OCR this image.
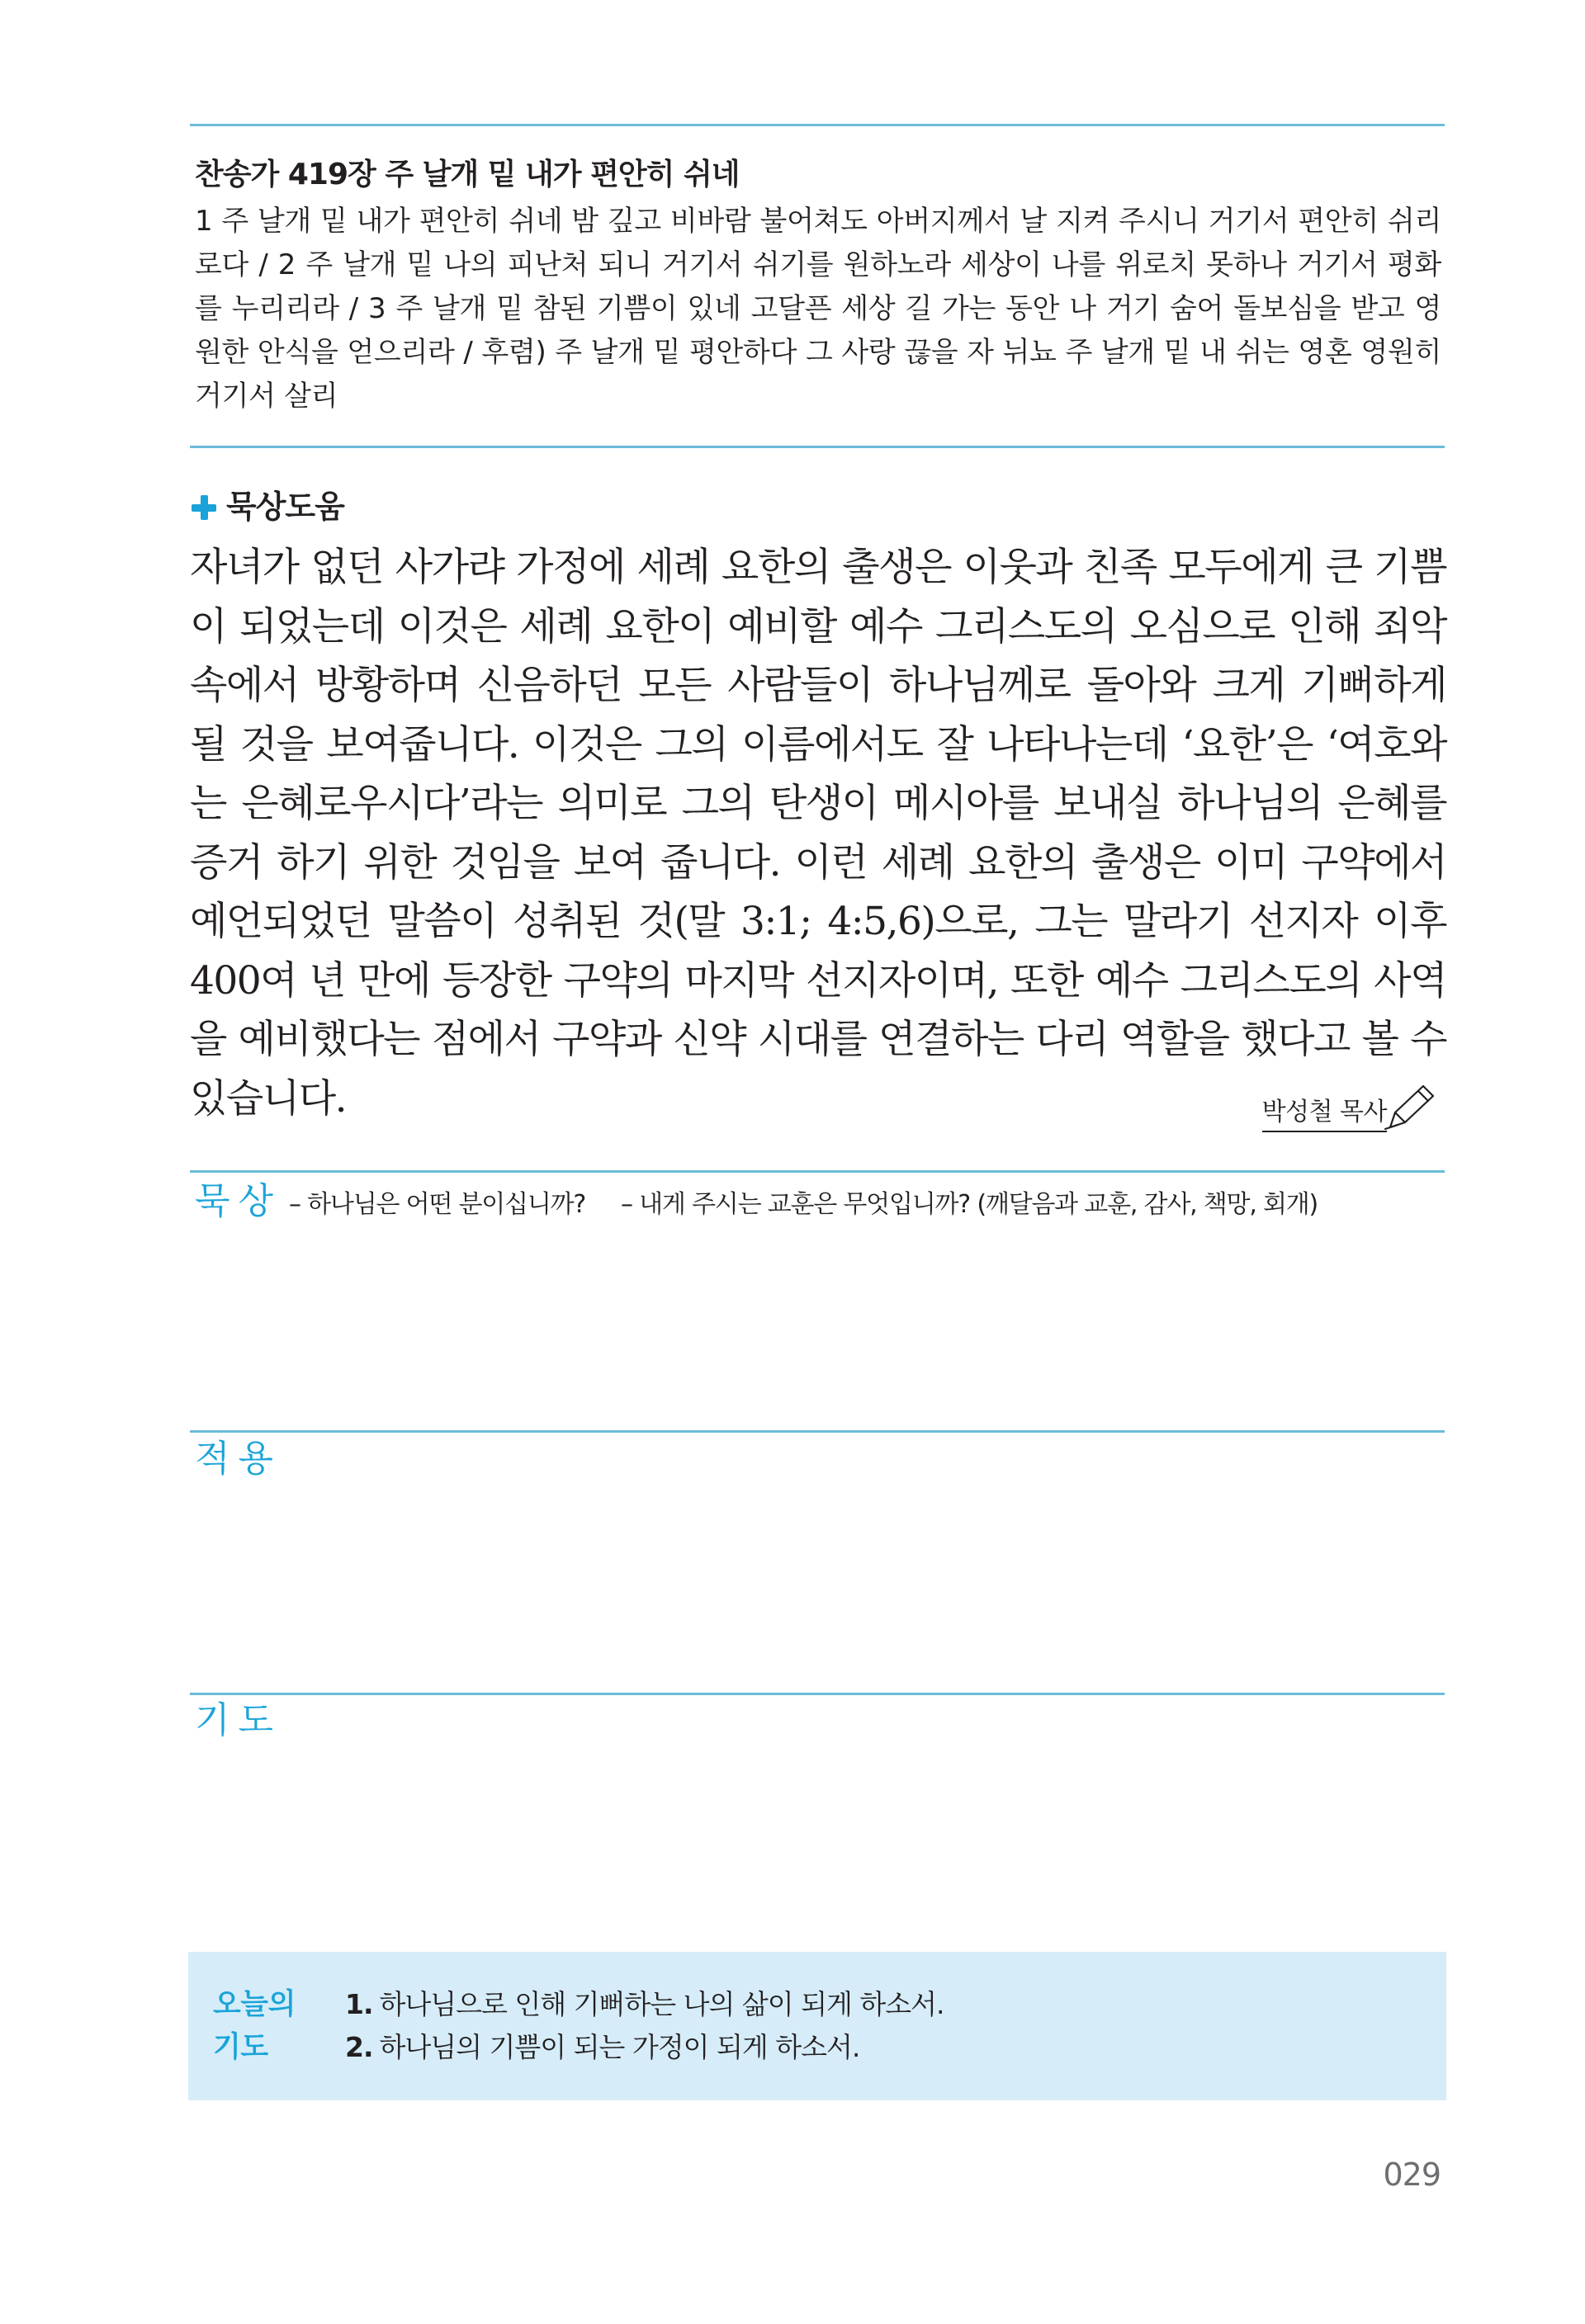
찬송가 419장 주 날개 밑 내가 편안히 쉬네

1 주 날개 밑 내가 편안히 쉬네 밤 깊고 비바람 불어쳐도 아버지께서 날 지켜 주시니 거기서 편안히 쉬리로다 / 2 주 날개 밑 나의 피난처 되니 거기서 쉬기를 원하노라 세상이 나를 위로치 못하나 거기서 평화를 누리리라 / 3 주 날개 밑 참된 기쁨이 있네 고달픈 세상 길 가는 동안 나 거기 숨어 돌보심을 받고 영원한 안식을 얻으리라 / 후렴) 주 날개 밑 평안하다 그 사랑 끊을 자 뉘뇨 주 날개 밑 내 쉬는 영혼 영원히 거기서 살리

묵상도움

자녀가 없던 사가랴 가정에 세례 요한의 출생은 이웃과 친족 모두에게 큰 기쁨이 되었는데 이것은 세례 요한이 예비할 예수 그리스도의 오심으로 인해 죄악 속에서 방황하며 신음하던 모든 사람들이 하나님께로 돌아와 크게 기뻐하게 될 것을 보여줍니다. 이것은 그의 이름에서도 잘 나타나는데 ‘요한’은 ‘여호와는 은혜로우시다’라는 의미로 그의 탄생이 메시아를 보내실 하나님의 은혜를 증거 하기 위한 것임을 보여 줍니다. 이런 세례 요한의 출생은 이미 구약에서 예언되었던 말씀이 성취된 것(말 3:1; 4:5,6)으로, 그는 말라기 선지자 이후 400여 년 만에 등장한 구약의 마지막 선지자이며, 또한 예수 그리스도의 사역을 예비했다는 점에서 구약과 신약 시대를 연결하는 다리 역할을 했다고 볼 수 있습니다.	박성철 목사
묵상 – 하나님은 어떤 분이십니까? – 내게 주시는 교훈은 무엇입니까? (깨달음과 교훈, 감사, 책망, 회개)
적용
기도
오늘의
기도
1. 하나님으로 인해 기뻐하는 나의 삶이 되게 하소서.
2. 하나님의 기쁨이 되는 가정이 되게 하소서.
029
